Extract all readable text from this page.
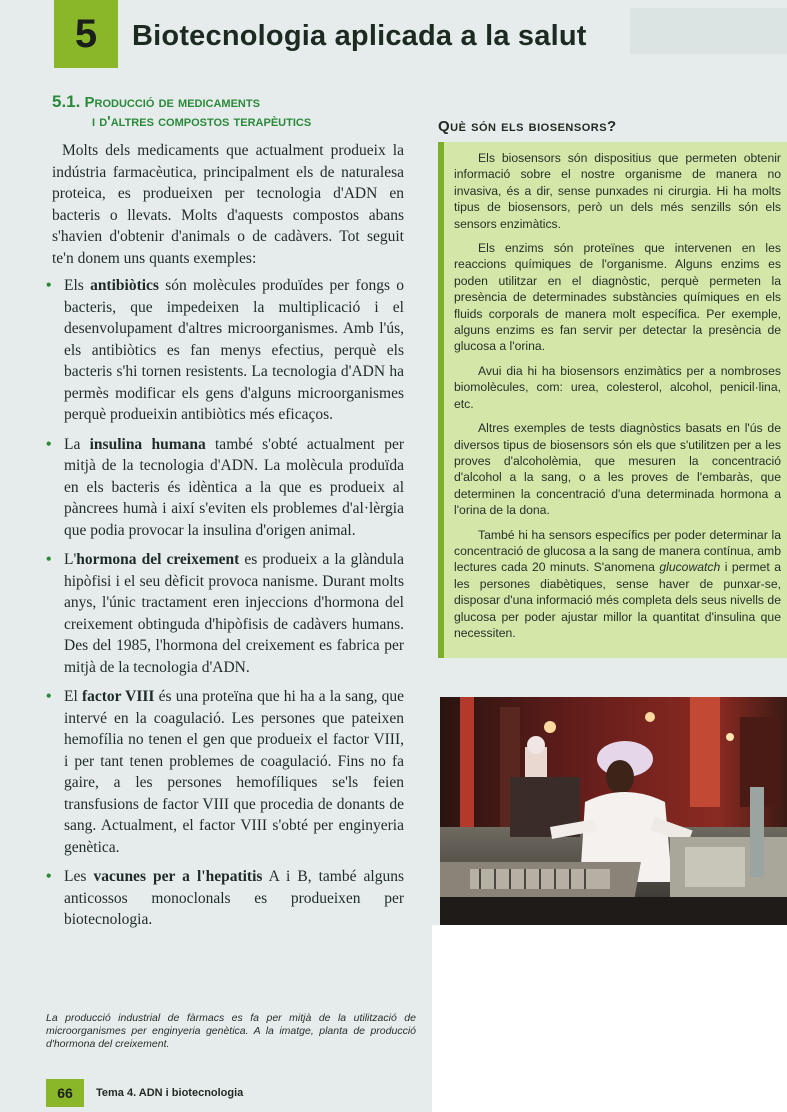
5	Biotecnologia aplicada a la salut
5.1. Producció de medicaments
i d'altres compostos terapèutics

Molts dels medicaments que actualment produeix la indústria farmacèutica, principalment els de naturalesa proteica, es produeixen per tecnologia d'ADN en bacteris o llevats. Molts d'aquests compostos abans s'havien d'obtenir d'animals o de cadàvers. Tot seguit te'n donem uns quants exemples:

• Els antibiòtics són molècules produïdes per fongs o bacteris, que impedeixen la multiplicació i el desenvolupament d'altres microorganismes. Amb l'ús, els antibiòtics es fan menys efectius, perquè els bacteris s'hi tornen resistents. La tecnologia d'ADN ha permès modificar els gens d'alguns microorganismes perquè produeixin antibiòtics més eficaços.
• La insulina humana també s'obté actualment per mitjà de la tecnologia d'ADN. La molècula produïda en els bacteris és idèntica a la que es produeix al pàncrees humà i així s'eviten els problemes d'al·lèrgia que podia provocar la insulina d'origen animal.
• L'hormona del creixement es produeix a la glàndula hipòfisi i el seu dèficit provoca nanisme. Durant molts anys, l'únic tractament eren injeccions d'hormona del creixement obtinguda d'hipòfisis de cadàvers humans. Des del 1985, l'hormona del creixement es fabrica per mitjà de la tecnologia d'ADN.
• El factor VIII és una proteïna que hi ha a la sang, que intervé en la coagulació. Les persones que pateixen hemofília no tenen el gen que produeix el factor VIII, i per tant tenen problemes de coagulació. Fins no fa gaire, a les persones hemofíliques se'ls feien transfusions de factor VIII que procedia de donants de sang. Actualment, el factor VIII s'obté per enginyeria genètica.
• Les vacunes per a l'hepatitis A i B, també alguns anticossos monoclonals es produeixen per biotecnologia.
Què són els biosensors?

Els biosensors són dispositius que permeten obtenir informació sobre el nostre organisme de manera no invasiva, és a dir, sense punxades ni cirurgia. Hi ha molts tipus de biosensors, però un dels més senzills són els sensors enzimàtics.

Els enzims són proteïnes que intervenen en les reaccions químiques de l'organisme. Alguns enzims es poden utilitzar en el diagnòstic, perquè permeten la presència de determinades substàncies químiques en els fluids corporals de manera molt específica. Per exemple, alguns enzims es fan servir per detectar la presència de glucosa a l'orina.

Avui dia hi ha biosensors enzimàtics per a nombroses biomolècules, com: urea, colesterol, alcohol, penicil·lina, etc.

Altres exemples de tests diagnòstics basats en l'ús de diversos tipus de biosensors són els que s'utilitzen per a les proves d'alcoholèmia, que mesuren la concentració d'alcohol a la sang, o a les proves de l'embaràs, que determinen la concentració d'una determinada hormona a l'orina de la dona.

També hi ha sensors específics per poder determinar la concentració de glucosa a la sang de manera contínua, amb lectures cada 20 minuts. S'anomena glucowatch i permet a les persones diabètiques, sense haver de punxar-se, disposar d'una informació més completa dels seus nivells de glucosa per poder ajustar millor la quantitat d'insulina que necessiten.

La producció industrial de fàrmacs es fa per mitjà de la utilització de microorganismes per enginyeria genètica. A la imatge, planta de producció d'hormona del creixement.
66	Tema 4. ADN i biotecnologia
